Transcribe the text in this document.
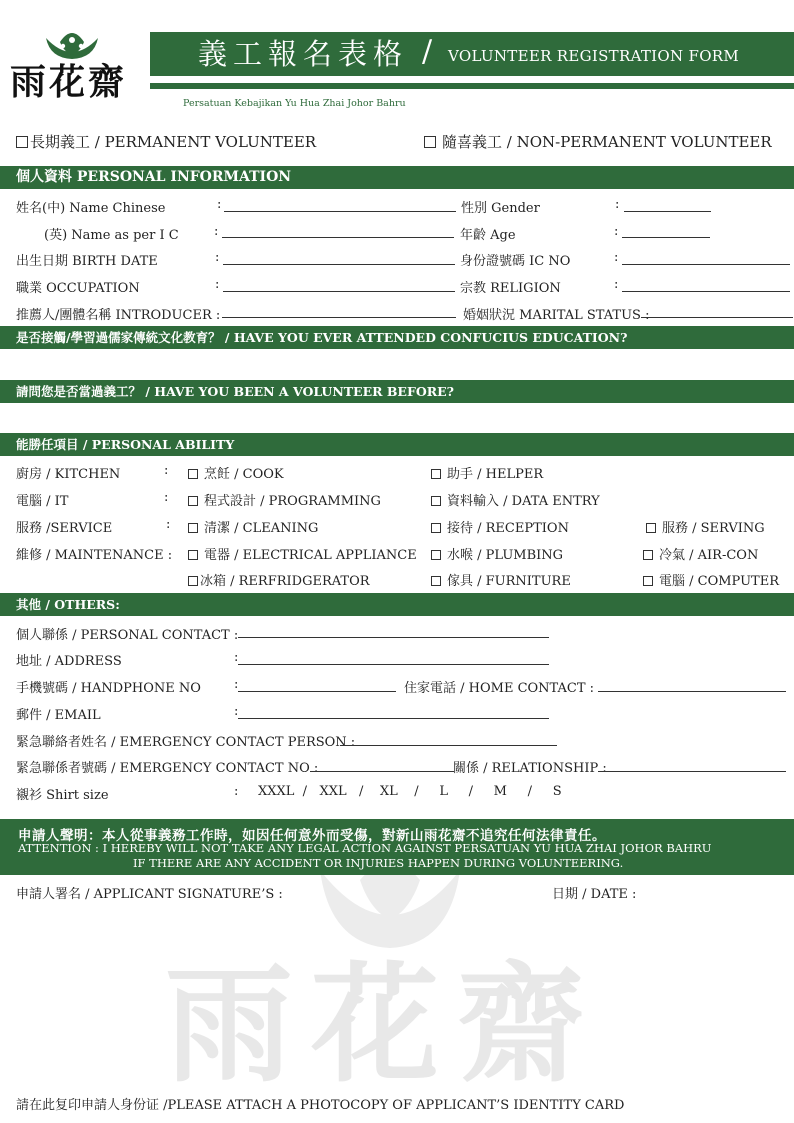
雨花齋
雨花齋
義工報名表格 / VOLUNTEER REGISTRATION FORM
Persatuan Kebajikan Yu Hua Zhai Johor Bahru
長期義工 / PERMANENT VOLUNTEER	隨喜義工 / NON-PERMANENT VOLUNTEER
個人資料 PERSONAL INFORMATION
姓名(中) Name Chinese	:	性別 Gender	:
(英) Name as per I C	:	年齡 Age	:
出生日期 BIRTH DATE	:	身份證號碼 IC NO	:
職業 OCCUPATION	:	宗教 RELIGION	:
推薦人/團體名稱 INTRODUCER :	婚姻狀況 MARITAL STATUS :
是否接觸/學習過儒家傳統文化教育？ / HAVE YOU EVER ATTENDED CONFUCIUS EDUCATION?
請問您是否當過義工？ / HAVE YOU BEEN A VOLUNTEER BEFORE?
能勝任項目 / PERSONAL ABILITY
廚房 / KITCHEN	:	烹飪 / COOK	助手 / HELPER
電腦 / IT	:	程式設計 / PROGRAMMING	資料輸入 / DATA ENTRY
服務 /SERVICE	:	清潔 / CLEANING	接待 / RECEPTION	服務 / SERVING
維修 / MAINTENANCE :	電器 / ELECTRICAL APPLIANCE	水喉 / PLUMBING	冷氣 / AIR-CON
冰箱 / RERFRIDGERATOR	傢具 / FURNITURE	電腦 / COMPUTER
其他 / OTHERS:
個人聯係 / PERSONAL CONTACT :
地址 / ADDRESS	:
手機號碼 / HANDPHONE NO	:	住家電話 / HOME CONTACT :
郵件 / EMAIL	:
緊急聯絡者姓名 / EMERGENCY CONTACT PERSON :
緊急聯係者號碼 / EMERGENCY CONTACT NO :	關係 / RELATIONSHIP :
襯衫 Shirt size	: XXXL  /   XXL   /    XL    /     L     /     M     /     S
申請人聲明：本人從事義務工作時，如因任何意外而受傷，對新山雨花齋不追究任何法律責任。
ATTENTION : I HEREBY WILL NOT TAKE ANY LEGAL ACTION AGAINST PERSATUAN YU HUA ZHAI JOHOR BAHRU
IF THERE ARE ANY ACCIDENT OR INJURIES HAPPEN DURING VOLUNTEERING.
申請人署名 / APPLICANT SIGNATURE’S :	日期 / DATE :
請在此复印申請人身份证 /PLEASE ATTACH A PHOTOCOPY OF APPLICANT’S IDENTITY CARD
